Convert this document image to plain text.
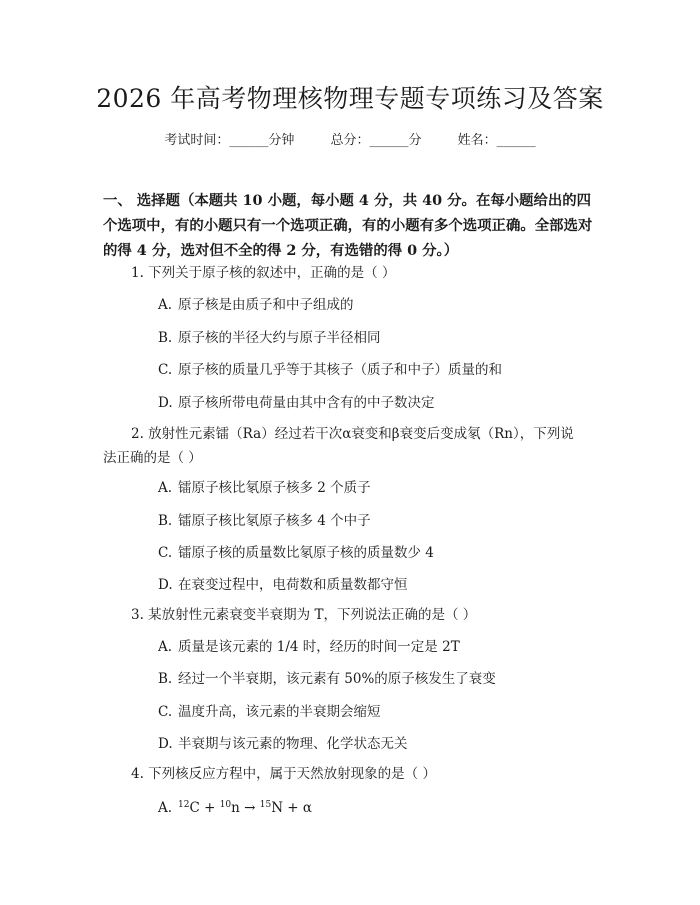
2026 年高考物理核物理专题专项练习及答案
考试时间：______分钟	总分：______分	姓名：______
一、 选择题（本题共 10 小题，每小题 4 分，共 40 分。在每小题给出的四个选项中，有的小题只有一个选项正确，有的小题有多个选项正确。全部选对的得 4 分，选对但不全的得 2 分，有选错的得 0 分。）
1. 下列关于原子核的叙述中，正确的是（ ）
A. 原子核是由质子和中子组成的
B. 原子核的半径大约与原子半径相同
C. 原子核的质量几乎等于其核子（质子和中子）质量的和
D. 原子核所带电荷量由其中含有的中子数决定
2. 放射性元素镭（Ra）经过若干次α衰变和β衰变后变成氡（Rn），下列说
法正确的是（ ）
A. 镭原子核比氡原子核多 2 个质子
B. 镭原子核比氡原子核多 4 个中子
C. 镭原子核的质量数比氡原子核的质量数少 4
D. 在衰变过程中，电荷数和质量数都守恒
3. 某放射性元素衰变半衰期为 T，下列说法正确的是（ ）
A. 质量是该元素的 1/4 时，经历的时间一定是 2T
B. 经过一个半衰期，该元素有 50%的原子核发生了衰变
C. 温度升高，该元素的半衰期会缩短
D. 半衰期与该元素的物理、化学状态无关
4. 下列核反应方程中，属于天然放射现象的是（ ）
A. $^{12}$C + $^{10}$n → $^{15}$N + α
